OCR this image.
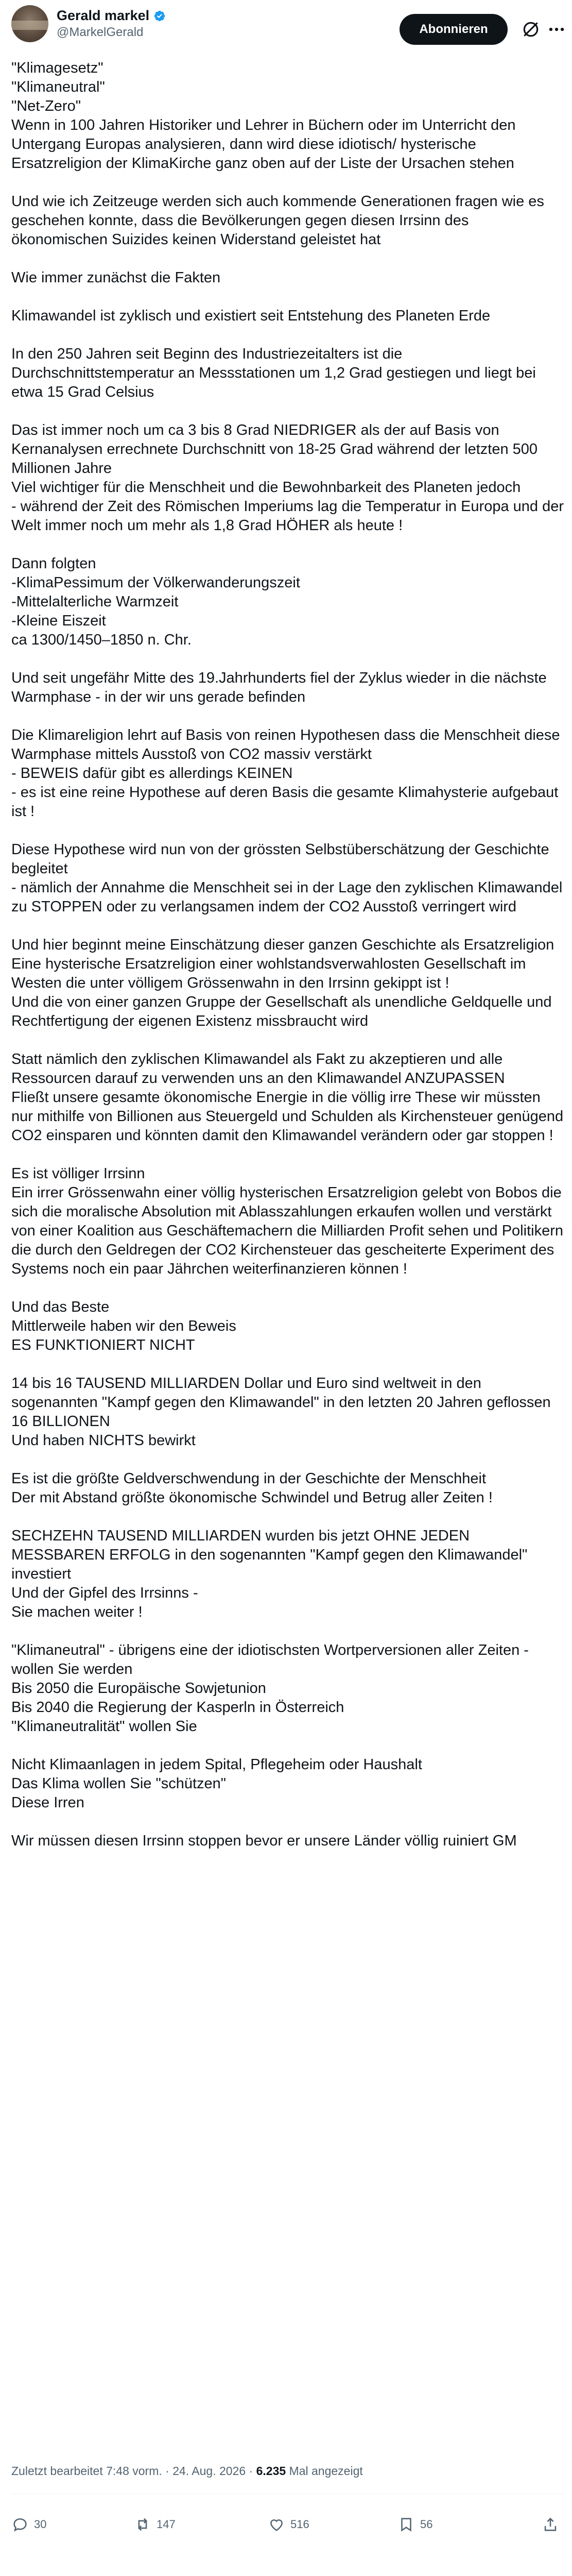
Gerald markel
@MarkelGerald	Abonnieren

"Klimagesetz"
"Klimaneutral"
"Net-Zero"
Wenn in 100 Jahren Historiker und Lehrer in Büchern oder im Unterricht den Untergang Europas analysieren, dann wird diese idiotisch/ hysterische Ersatzreligion der KlimaKirche ganz oben auf der Liste der Ursachen stehen

Und wie ich Zeitzeuge werden sich auch kommende Generationen fragen wie es geschehen konnte, dass die Bevölkerungen gegen diesen Irrsinn des ökonomischen Suizides keinen Widerstand geleistet hat

Wie immer zunächst die Fakten

Klimawandel ist zyklisch und existiert seit Entstehung des Planeten Erde

In den 250 Jahren seit Beginn des Industriezeitalters ist die Durchschnittstemperatur an Messstationen um 1,2 Grad gestiegen und liegt bei etwa 15 Grad Celsius

Das ist immer noch um ca 3 bis 8 Grad NIEDRIGER als der auf Basis von Kernanalysen errechnete Durchschnitt von 18-25 Grad während der letzten 500 Millionen Jahre
Viel wichtiger für die Menschheit und die Bewohnbarkeit des Planeten jedoch
- während der Zeit des Römischen Imperiums lag die Temperatur in Europa und der Welt immer noch um mehr als 1,8 Grad HÖHER als heute !

Dann folgten
-KlimaPessimum der Völkerwanderungszeit
-Mittelalterliche Warmzeit
-Kleine Eiszeit
ca 1300/1450–1850 n. Chr.

Und seit ungefähr Mitte des 19.Jahrhunderts fiel der Zyklus wieder in die nächste Warmphase - in der wir uns gerade befinden

Die Klimareligion lehrt auf Basis von reinen Hypothesen dass die Menschheit diese Warmphase mittels Ausstoß von CO2 massiv verstärkt
- BEWEIS dafür gibt es allerdings KEINEN
- es ist eine reine Hypothese auf deren Basis die gesamte Klimahysterie aufgebaut ist !

Diese Hypothese wird nun von der grössten Selbstüberschätzung der Geschichte begleitet
- nämlich der Annahme die Menschheit sei in der Lage den zyklischen Klimawandel zu STOPPEN oder zu verlangsamen indem der CO2 Ausstoß verringert wird

Und hier beginnt meine Einschätzung dieser ganzen Geschichte als Ersatzreligion
Eine hysterische Ersatzreligion einer wohlstandsverwahlosten Gesellschaft im Westen die unter völligem Grössenwahn in den Irrsinn gekippt ist !
Und die von einer ganzen Gruppe der Gesellschaft als unendliche Geldquelle und Rechtfertigung der eigenen Existenz missbraucht wird

Statt nämlich den zyklischen Klimawandel als Fakt zu akzeptieren und alle Ressourcen darauf zu verwenden uns an den Klimawandel ANZUPASSEN
Fließt unsere gesamte ökonomische Energie in die völlig irre These wir müssten nur mithilfe von Billionen aus Steuergeld und Schulden als Kirchensteuer genügend CO2 einsparen und könnten damit den Klimawandel verändern oder gar stoppen !

Es ist völliger Irrsinn
Ein irrer Grössenwahn einer völlig hysterischen Ersatzreligion gelebt von Bobos die sich die moralische Absolution mit Ablasszahlungen erkaufen wollen und verstärkt von einer Koalition aus Geschäftemachern die Milliarden Profit sehen und Politikern die durch den Geldregen der CO2 Kirchensteuer das gescheiterte Experiment des Systems noch ein paar Jährchen weiterfinanzieren können !

Und das Beste
Mittlerweile haben wir den Beweis
ES FUNKTIONIERT NICHT

14 bis 16 TAUSEND MILLIARDEN Dollar und Euro sind weltweit in den sogenannten "Kampf gegen den Klimawandel" in den letzten 20 Jahren geflossen
16 BILLIONEN
Und haben NICHTS bewirkt

Es ist die größte Geldverschwendung in der Geschichte der Menschheit
Der mit Abstand größte ökonomische Schwindel und Betrug aller Zeiten !

SECHZEHN TAUSEND MILLIARDEN wurden bis jetzt OHNE JEDEN MESSBAREN ERFOLG in den sogenannten "Kampf gegen den Klimawandel" investiert
Und der Gipfel des Irrsinns -
Sie machen weiter !

"Klimaneutral" - übrigens eine der idiotischsten Wortperversionen aller Zeiten - wollen Sie werden
Bis 2050 die Europäische Sowjetunion
Bis 2040 die Regierung der Kasperln in Österreich
"Klimaneutralität" wollen Sie

Nicht Klimaanlagen in jedem Spital, Pflegeheim oder Haushalt
Das Klima wollen Sie "schützen"
Diese Irren

Wir müssen diesen Irrsinn stoppen bevor er unsere Länder völlig ruiniert GM

Zuletzt bearbeitet 7:48 vorm. · 24. Aug. 2026 · 6.235 Mal angezeigt
30	147	516	56
